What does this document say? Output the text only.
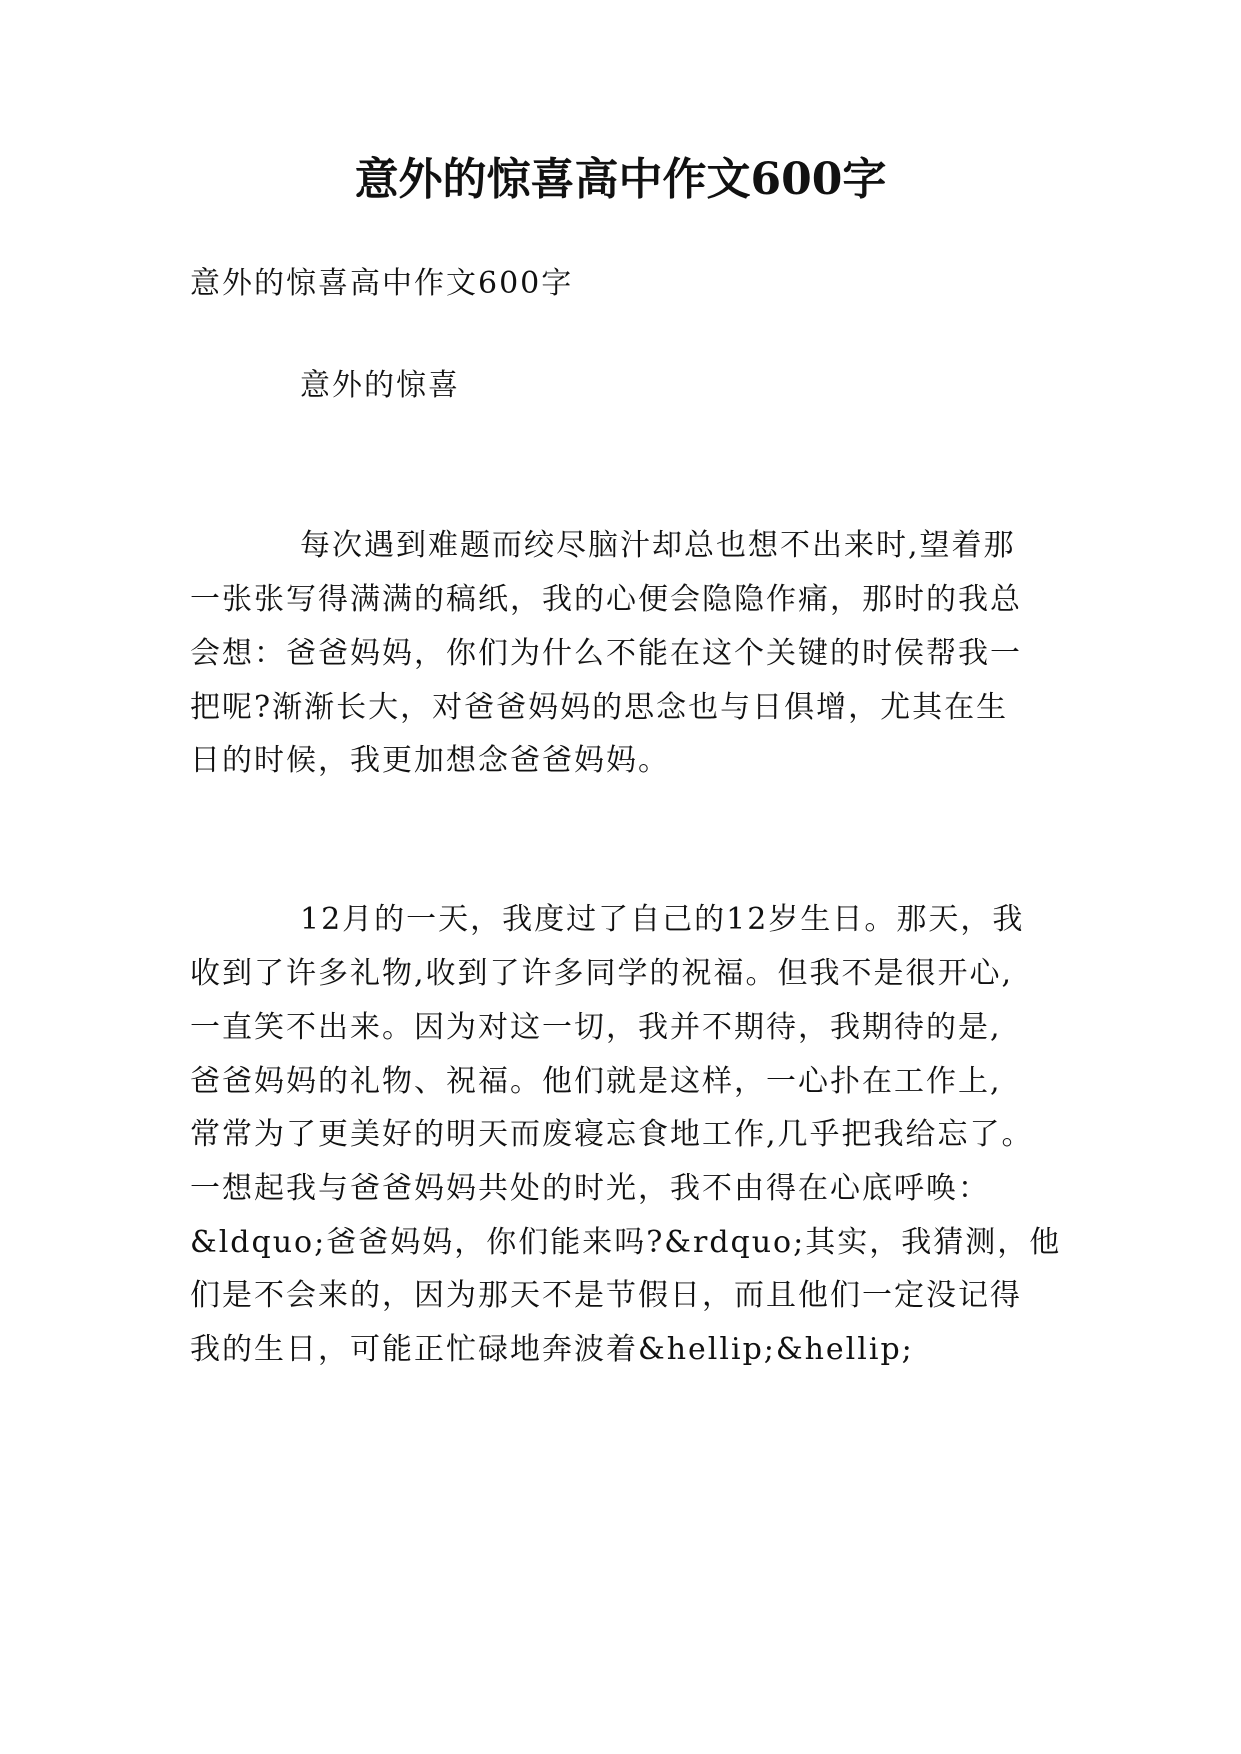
意外的惊喜高中作文600字
意外的惊喜高中作文600字
意外的惊喜
每次遇到难题而绞尽脑汁却总也想不出来时,望着那
一张张写得满满的稿纸，我的心便会隐隐作痛，那时的我总
会想：爸爸妈妈，你们为什么不能在这个关键的时侯帮我一
把呢?渐渐长大，对爸爸妈妈的思念也与日俱增，尤其在生
日的时候，我更加想念爸爸妈妈。
12月的一天，我度过了自己的12岁生日。那天，我
收到了许多礼物,收到了许多同学的祝福。但我不是很开心,
一直笑不出来。因为对这一切，我并不期待，我期待的是,
爸爸妈妈的礼物、祝福。他们就是这样，一心扑在工作上,
常常为了更美好的明天而废寝忘食地工作,几乎把我给忘了。
一想起我与爸爸妈妈共处的时光，我不由得在心底呼唤：
&ldquo;爸爸妈妈，你们能来吗?&rdquo;其实，我猜测，他
们是不会来的，因为那天不是节假日，而且他们一定没记得
我的生日，可能正忙碌地奔波着&hellip;&hellip;
